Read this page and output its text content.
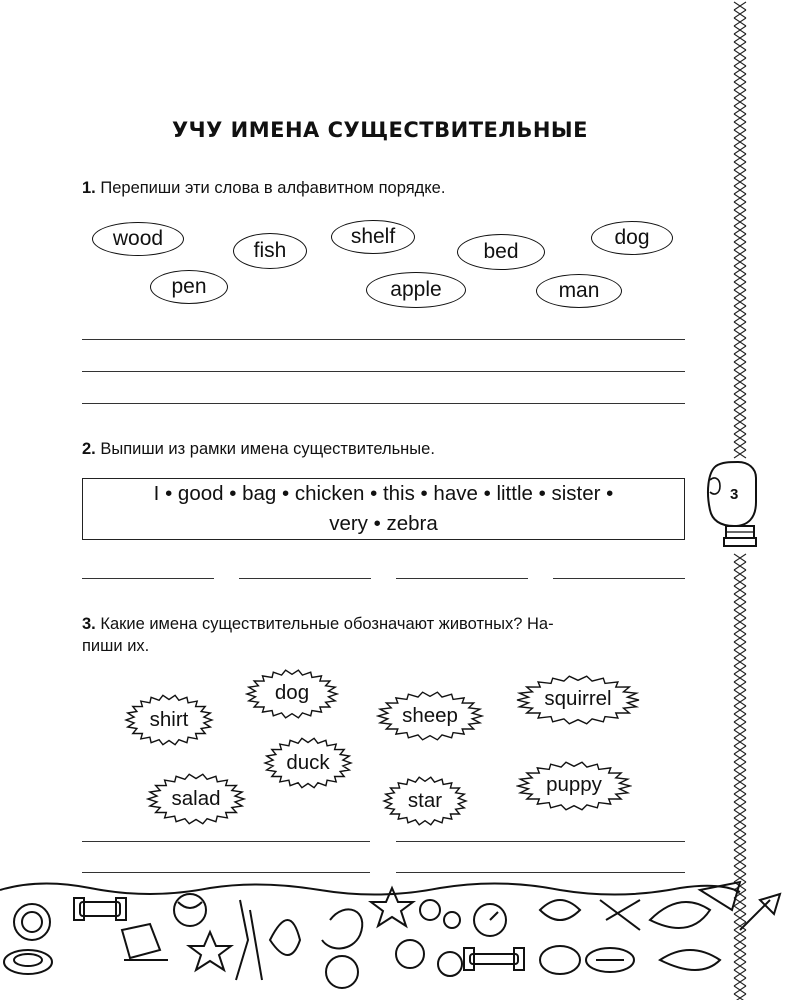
УЧУ ИМЕНА СУЩЕСТВИТЕЛЬНЫЕ
1. Перепиши эти слова в алфавитном порядке.
wood
fish
shelf
bed
dog
pen	apple	man
2. Выпиши из рамки имена существительные.
I • good • bag • chicken • this • have • little • sister •
very • zebra
3. Какие имена существительные обозначают животных? На-
пиши их.
shirt
dog
sheep
squirrel
duck
salad	star
puppy
3
